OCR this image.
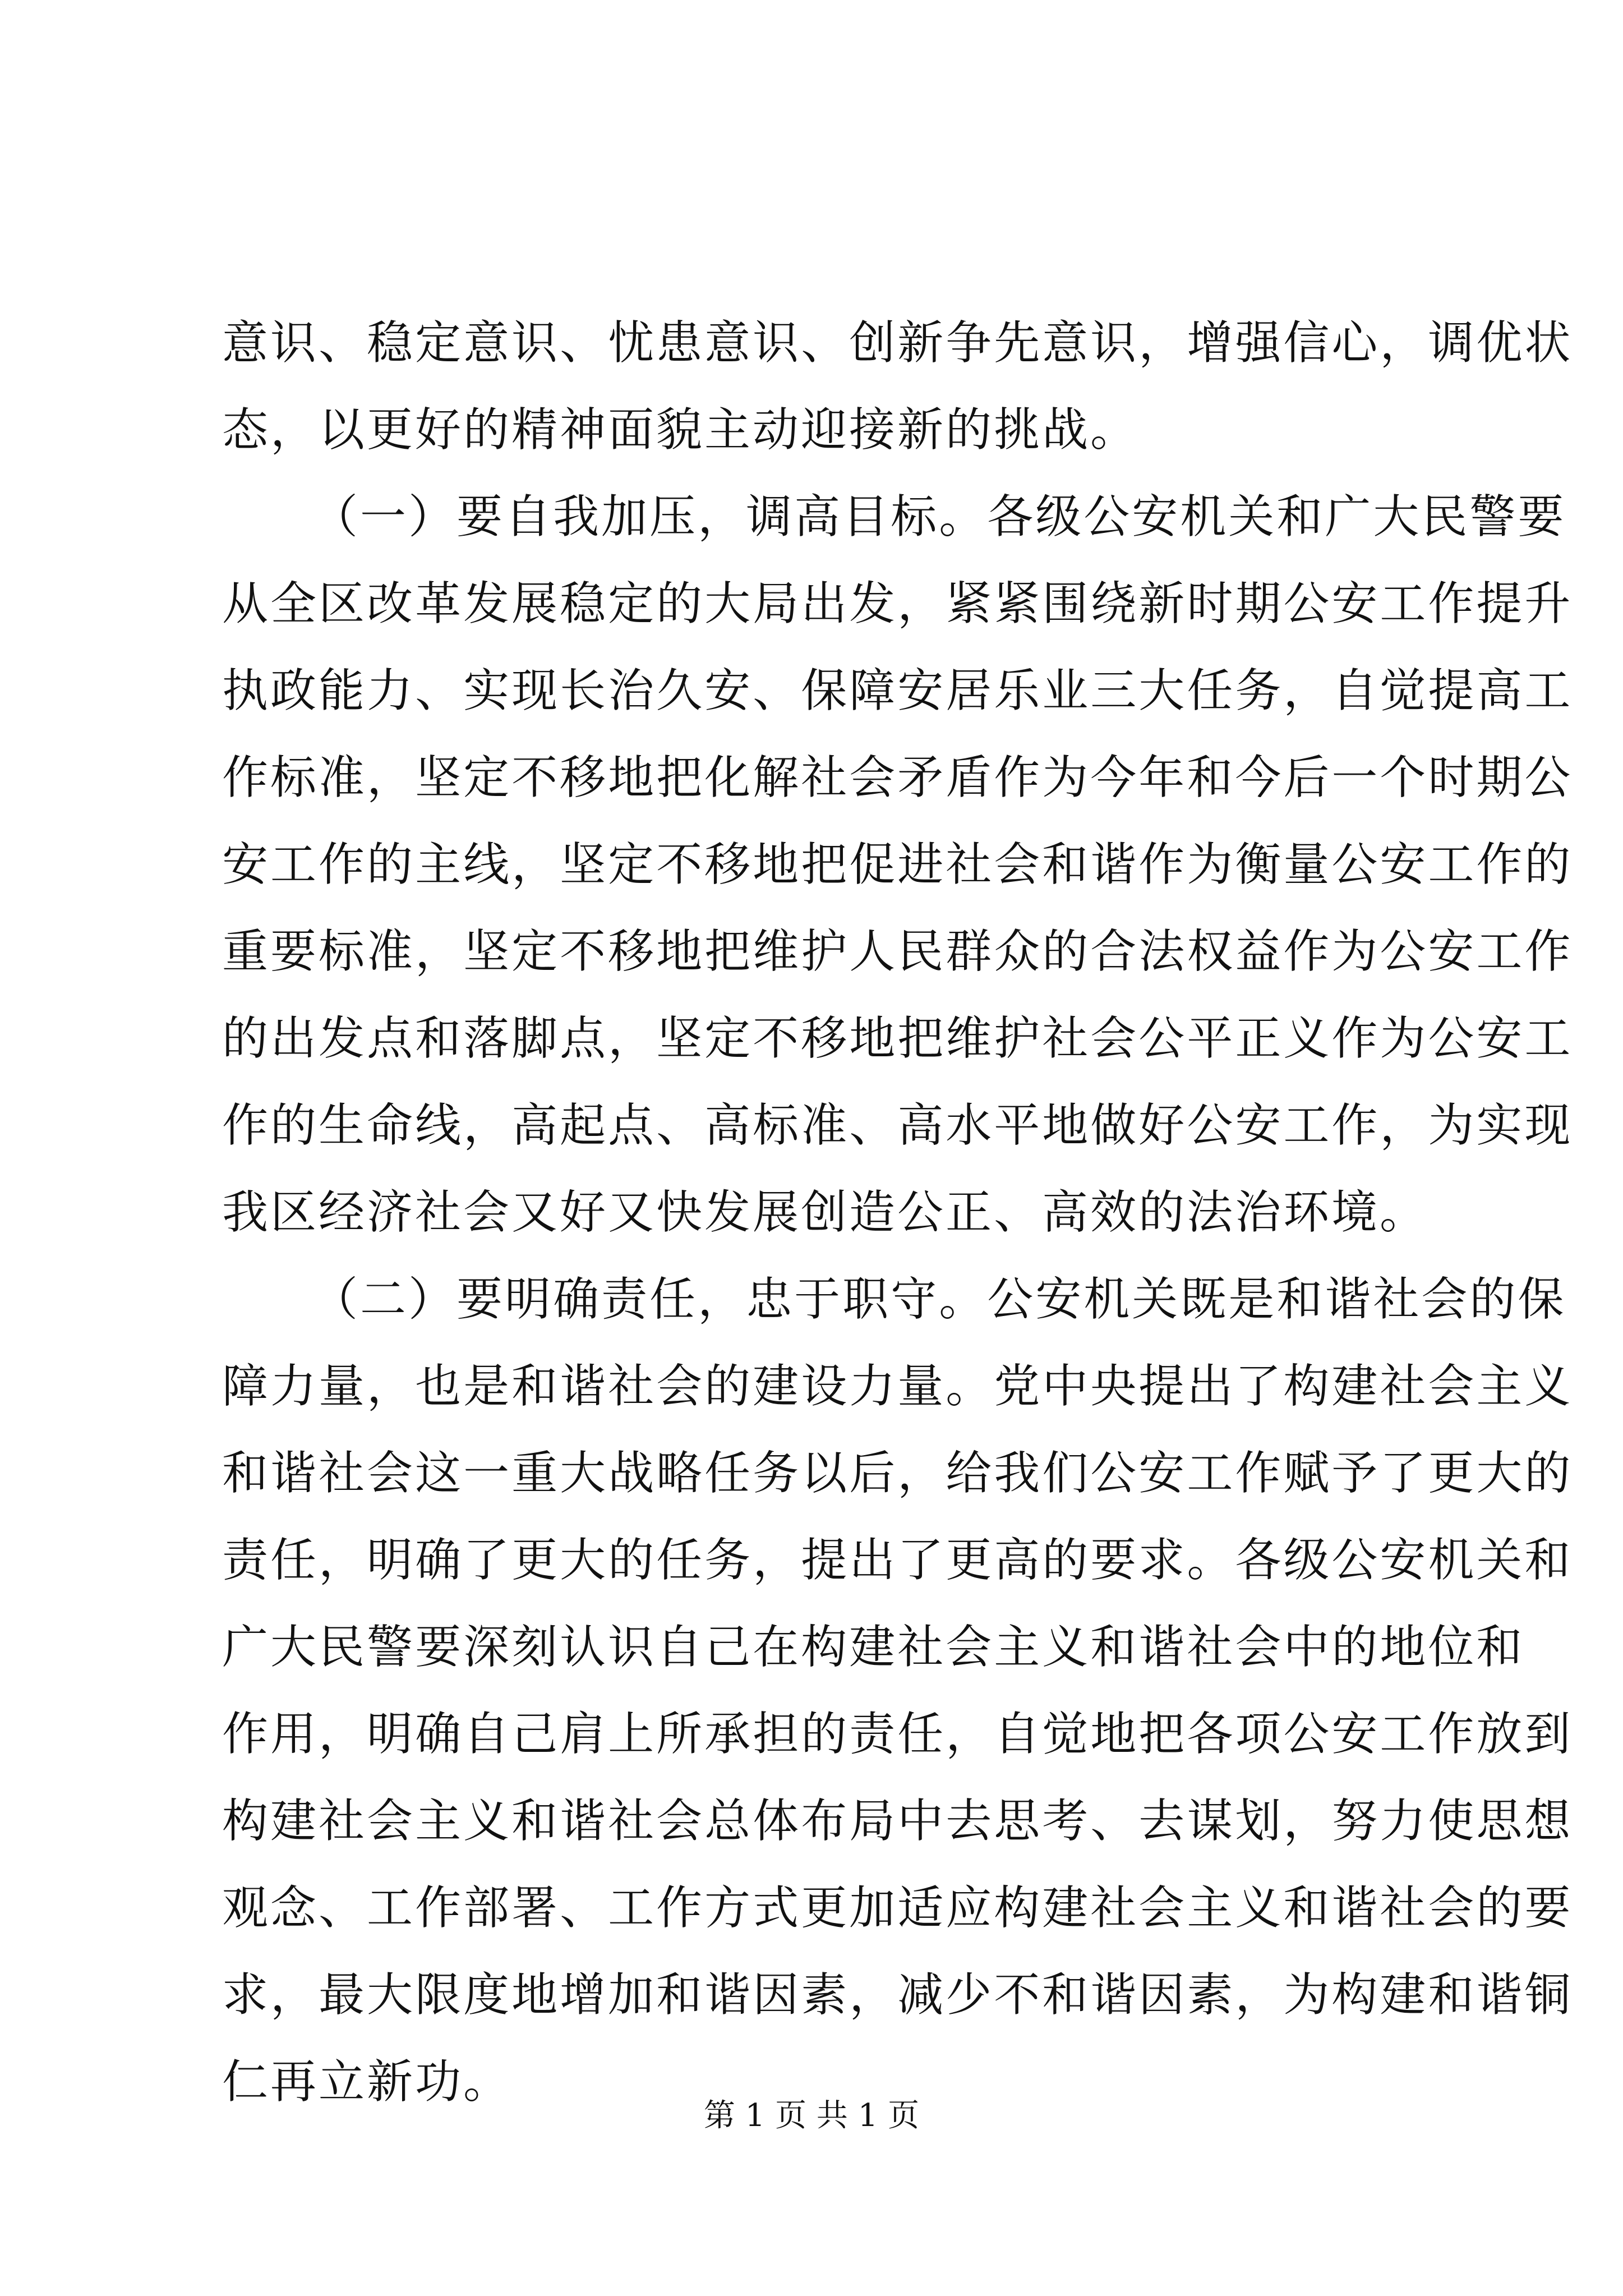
意 识 、 稳 定 意 识 、 忧 患 意 识 、 创 新 争 先 意 识 ， 增 强 信 心 ， 调 优 状
态，以更好的精神面貌主动迎接新的挑战。
（ 一 ） 要 自 我 加 压 ， 调 高 目 标 。 各 级 公 安 机 关 和 广 大 民 警 要
从 全 区 改 革 发 展 稳 定 的 大 局 出 发 ， 紧 紧 围 绕 新 时 期 公 安 工 作 提 升
执 政 能 力 、 实 现 长 治 久 安 、 保 障 安 居 乐 业 三 大 任 务 ， 自 觉 提 高 工
作 标 准 ， 坚 定 不 移 地 把 化 解 社 会 矛 盾 作 为 今 年 和 今 后 一 个 时 期 公
安 工 作 的 主 线 ， 坚 定 不 移 地 把 促 进 社 会 和 谐 作 为 衡 量 公 安 工 作 的
重 要 标 准 ， 坚 定 不 移 地 把 维 护 人 民 群 众 的 合 法 权 益 作 为 公 安 工 作
的 出 发 点 和 落 脚 点 ， 坚 定 不 移 地 把 维 护 社 会 公 平 正 义 作 为 公 安 工
作 的 生 命 线 ， 高 起 点 、 高 标 准 、 高 水 平 地 做 好 公 安 工 作 ， 为 实 现
我区经济社会又好又快发展创造公正、高效的法治环境。
（ 二 ） 要 明 确 责 任 ， 忠 于 职 守 。 公 安 机 关 既 是 和 谐 社 会 的 保
障 力 量 ， 也 是 和 谐 社 会 的 建 设 力 量 。 党 中 央 提 出 了 构 建 社 会 主 义
和 谐 社 会 这 一 重 大 战 略 任 务 以 后 ， 给 我 们 公 安 工 作 赋 予 了 更 大 的
责 任 ， 明 确 了 更 大 的 任 务 ， 提 出 了 更 高 的 要 求 。 各 级 公 安 机 关 和
广 大 民 警 要 深 刻 认 识 自 己 在 构 建 社 会 主 义 和 谐 社 会 中 的 地 位 和
作 用 ， 明 确 自 己 肩 上 所 承 担 的 责 任 ， 自 觉 地 把 各 项 公 安 工 作 放 到
构 建 社 会 主 义 和 谐 社 会 总 体 布 局 中 去 思 考 、 去 谋 划 ， 努 力 使 思 想
观 念 、 工 作 部 署 、 工 作 方 式 更 加 适 应 构 建 社 会 主 义 和 谐 社 会 的 要
求 ， 最 大 限 度 地 增 加 和 谐 因 素 ， 减 少 不 和 谐 因 素 ， 为 构 建 和 谐 铜
仁再立新功。
第 1 页 共 1 页
